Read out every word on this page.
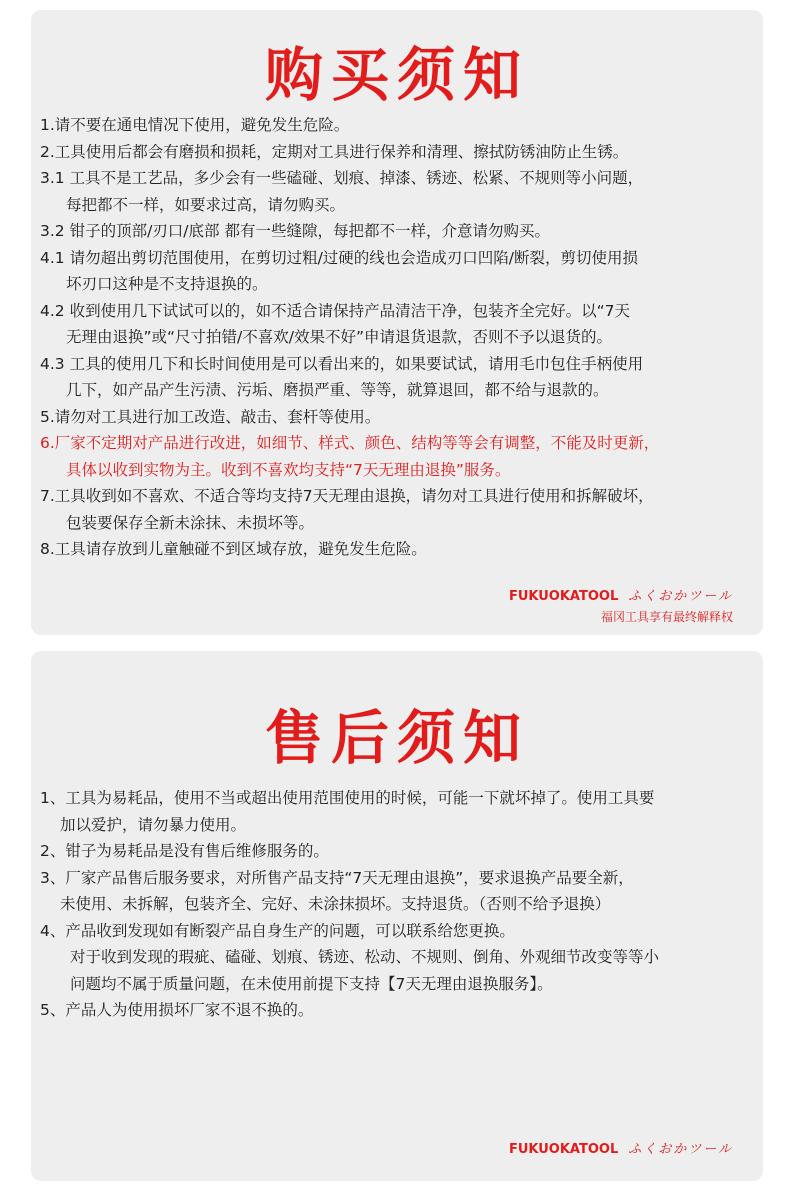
购买须知
1.请不要在通电情况下使用，避免发生危险。
2.工具使用后都会有磨损和损耗，定期对工具进行保养和清理、擦拭防锈油防止生锈。
3.1 工具不是工艺品，多少会有一些磕碰、划痕、掉漆、锈迹、松紧、不规则等小问题，
每把都不一样，如要求过高，请勿购买。
3.2 钳子的顶部/刃口/底部 都有一些缝隙，每把都不一样，介意请勿购买。
4.1 请勿超出剪切范围使用，在剪切过粗/过硬的线也会造成刃口凹陷/断裂，剪切使用损
坏刃口这种是不支持退换的。
4.2 收到使用几下试试可以的，如不适合请保持产品清洁干净，包装齐全完好。以“7天
无理由退换”或“尺寸拍错/不喜欢/效果不好”申请退货退款，否则不予以退货的。
4.3 工具的使用几下和长时间使用是可以看出来的，如果要试试，请用毛巾包住手柄使用
几下，如产品产生污渍、污垢、磨损严重、等等，就算退回，都不给与退款的。
5.请勿对工具进行加工改造、敲击、套杆等使用。
6.厂家不定期对产品进行改进，如细节、样式、颜色、结构等等会有调整，不能及时更新，
具体以收到实物为主。收到不喜欢均支持“7天无理由退换”服务。
7.工具收到如不喜欢、不适合等均支持7天无理由退换，请勿对工具进行使用和拆解破坏，
包装要保存全新未涂抹、未损坏等。
8.工具请存放到儿童触碰不到区域存放，避免发生危险。
FUKUOKATOOL ふくおかツール
福冈工具享有最终解释权
售后须知
1、工具为易耗品，使用不当或超出使用范围使用的时候，可能一下就坏掉了。使用工具要
加以爱护，请勿暴力使用。
2、钳子为易耗品是没有售后维修服务的。
3、厂家产品售后服务要求，对所售产品支持“7天无理由退换”，要求退换产品要全新，
未使用、未拆解，包装齐全、完好、未涂抹损坏。支持退货。（否则不给予退换）
4、产品收到发现如有断裂产品自身生产的问题，可以联系给您更换。
对于收到发现的瑕疵、磕碰、划痕、锈迹、松动、不规则、倒角、外观细节改变等等小
问题均不属于质量问题，在未使用前提下支持【7天无理由退换服务】。
5、产品人为使用损坏厂家不退不换的。
FUKUOKATOOL ふくおかツール
